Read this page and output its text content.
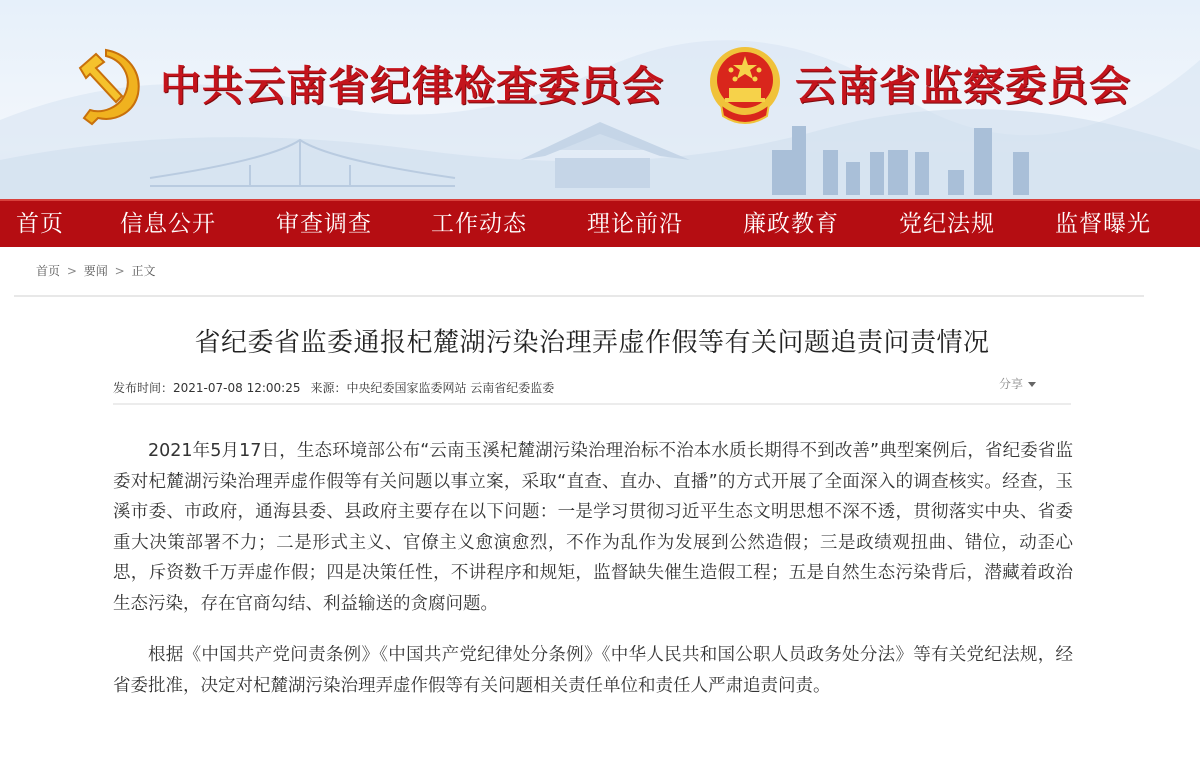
中共云南省纪律检查委员会	云南省监察委员会
首页 信息公开	审查调查	工作动态	理论前沿	廉政教育	党纪法规	监督曝光
首页 > 要闻 > 正文
省纪委省监委通报杞麓湖污染治理弄虚作假等有关问题追责问责情况
发布时间：2021-07-08 12:00:25 来源：中央纪委国家监委网站 云南省纪委监委	分享

2021年5月17日，生态环境部公布“云南玉溪杞麓湖污染治理治标不治本水质长期得不到改善”典型案例后，省纪委省监委对杞麓湖污染治理弄虚作假等有关问题以事立案，采取“直查、直办、直播”的方式开展了全面深入的调查核实。经查，玉溪市委、市政府，通海县委、县政府主要存在以下问题：一是学习贯彻习近平生态文明思想不深不透，贯彻落实中央、省委重大决策部署不力；二是形式主义、官僚主义愈演愈烈，不作为乱作为发展到公然造假；三是政绩观扭曲、错位，动歪心思，斥资数千万弄虚作假；四是决策任性，不讲程序和规矩，监督缺失催生造假工程；五是自然生态污染背后，潜藏着政治生态污染，存在官商勾结、利益输送的贪腐问题。

根据《中国共产党问责条例》《中国共产党纪律处分条例》《中华人民共和国公职人员政务处分法》等有关党纪法规，经省委批准，决定对杞麓湖污染治理弄虚作假等有关问题相关责任单位和责任人严肃追责问责。
